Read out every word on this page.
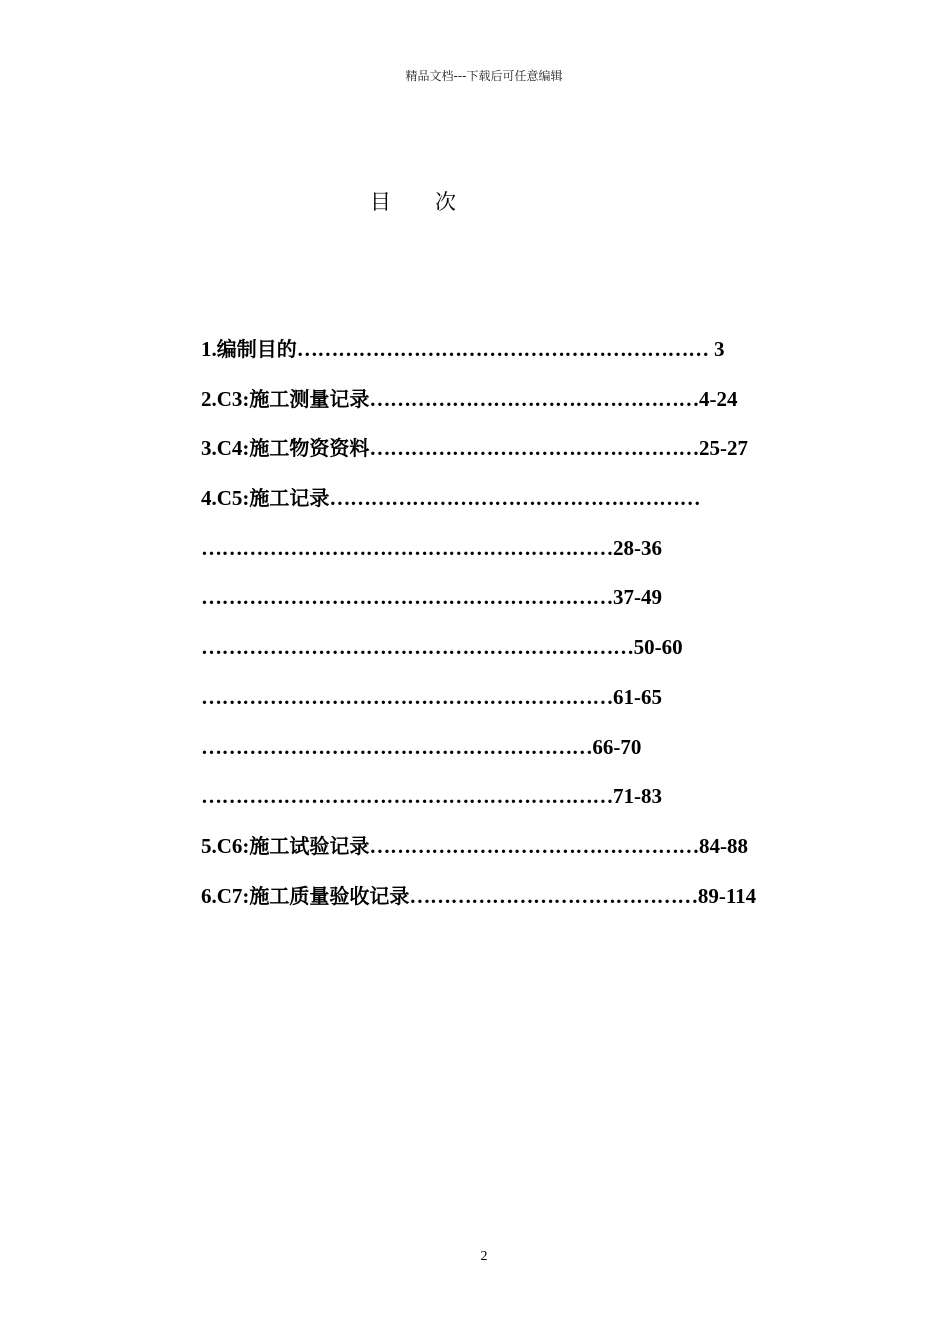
精品文档---下载后可任意编辑
目 次
1.编制目的…………………………………………………… 3
2.C3:施工测量记录…………………………………………4-24
3.C4:施工物资资料…………………………………………25-27
4.C5:施工记录………………………………………………
……………………………………………………28-36
……………………………………………………37-49
………………………………………………………50-60
……………………………………………………61-65
…………………………………………………66-70
……………………………………………………71-83
5.C6:施工试验记录…………………………………………84-88
6.C7:施工质量验收记录……………………………………89-114
2
